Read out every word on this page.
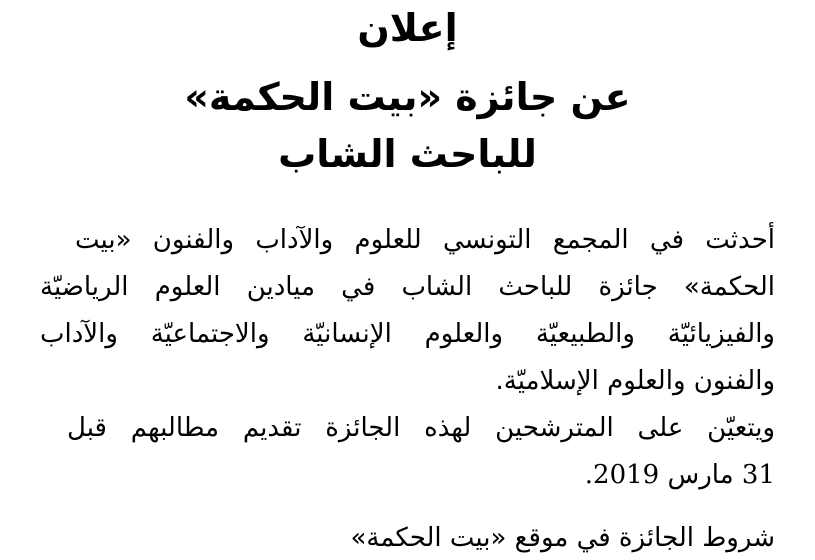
إعلان
عن جائزة «بيت الحكمة»
للباحث الشاب
أحدثت في المجمع التونسي للعلوم والآداب والفنون «بيت
الحكمة» جائزة للباحث الشاب في ميادين العلوم الرياضيّة
والفيزيائيّة والطبيعيّة والعلوم الإنسانيّة والاجتماعيّة والآداب
والفنون والعلوم الإسلاميّة.
ويتعيّن على المترشحين لهذه الجائزة تقديم مطالبهم قبل
31 مارس 2019.
شروط الجائزة في موقع «بيت الحكمة»
